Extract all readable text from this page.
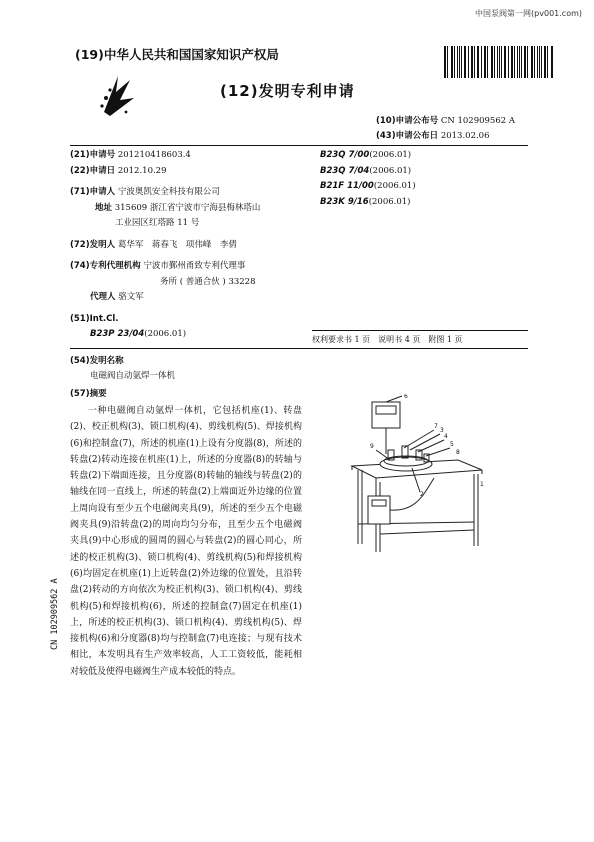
中国泵阀第一网(pv001.com)
(19)中华人民共和国国家知识产权局
(12)发明专利申请
(10)申请公布号 CN 102909562 A
(43)申请公布日 2013.02.06
(21)申请号 201210418603.4
(22)申请日 2012.10.29
(71)申请人 宁波奥凯安全科技有限公司
地址 315609 浙江省宁波市宁海县梅林塔山
工业园区红塔路 11 号
(72)发明人 葛华军　蒋春飞　项伟峰　李倩
(74)专利代理机构 宁波市鄞州甬致专利代理事
务所 ( 普通合伙 ) 33228
代理人 骆文军
(51)Int.Cl.
B23P 23/04(2006.01)
B23Q 7/00(2006.01)
B23Q 7/04(2006.01)
B21F 11/00(2006.01)
B23K 9/16(2006.01)
权利要求书 1 页　说明书 4 页　附图 1 页
(54)发明名称
电磁阀自动氩焊一体机
(57)摘要

一种电磁阀自动氩焊一体机，它包括机座(1)、转盘(2)、校正机构(3)、锁口机构(4)、剪线机构(5)、焊接机构(6)和控制盒(7)，所述的机座(1)上设有分度器(8)，所述的转盘(2)转动连接在机座(1)上，所述的分度器(8)的转轴与转盘(2)下端面连接，且分度器(8)转轴的轴线与转盘(2)的轴线在同一直线上，所述的转盘(2)上端面近外边缘的位置上周向设有至少五个电磁阀夹具(9)，所述的至少五个电磁阀夹具(9)沿转盘(2)的周向均匀分布，且至少五个电磁阀夹具(9)中心形成的圆周的圆心与转盘(2)的圆心同心，所述的校正机构(3)、锁口机构(4)、剪线机构(5)和焊接机构(6)均固定在机座(1)上近转盘(2)外边缘的位置处，且沿转盘(2)转动的方向依次为校正机构(3)、锁口机构(4)、剪线机构(5)和焊接机构(6)，所述的控制盒(7)固定在机座(1)上，所述的校正机构(3)、锁口机构(4)、剪线机构(5)、焊接机构(6)和分度器(8)均与控制盒(7)电连接；与现有技术相比，本发明具有生产效率较高，人工工资较低，能耗相对较低及使得电磁阀生产成本较低的特点。

6
7
3
4
5
8
2
9
1
CN 102909562 A
